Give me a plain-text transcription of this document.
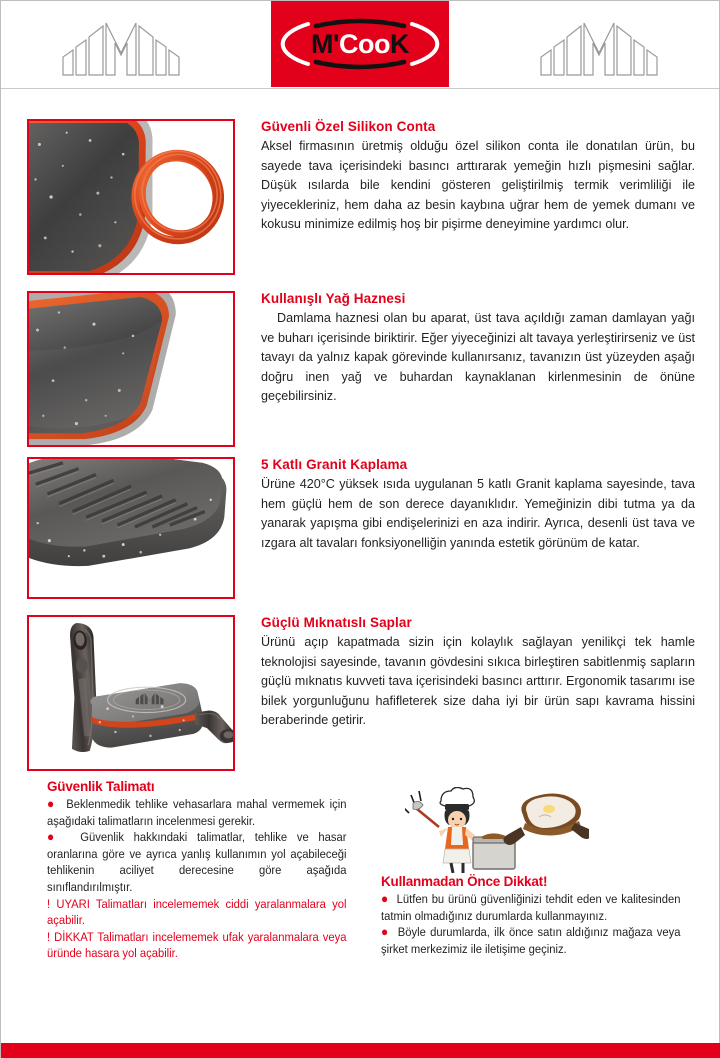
M' Coo K
Güvenli Özel Silikon Conta
Aksel firmasının üretmiş olduğu özel silikon conta ile donatılan ürün, bu sayede tava içerisindeki basıncı arttırarak yemeğin hızlı pişmesini sağlar. Düşük ısılarda bile kendini gösteren geliştirilmiş termik verimliliği ile yiyecekleriniz, hem daha az besin kaybına uğrar hem de yemek dumanı ve kokusu minimize edilmiş hoş bir pişirme deneyimine yardımcı olur.
Kullanışlı Yağ Haznesi
Damlama haznesi olan bu aparat, üst tava açıldığı zaman damlayan yağı ve buharı içerisinde biriktirir. Eğer yiyeceğinizi alt tavaya yerleştirirseniz ve üst tavayı da yalnız kapak görevinde kullanırsanız, tavanızın üst yüzeyden aşağı doğru inen yağ ve buhardan kaynaklanan kirlenmesinin de önüne geçebilirsiniz.
5 Katlı Granit Kaplama
Ürüne 420°C yüksek ısıda uygulanan 5 katlı Granit kaplama sayesinde, tava hem güçlü hem de son derece dayanıklıdır. Yemeğinizin dibi tutma ya da yanarak yapışma gibi endişelerinizi en aza indirir. Ayrıca, desenli üst tava ve ızgara alt tavaları fonksiyonelliğin yanında estetik görünüm de katar.
Güçlü Mıknatıslı Saplar
Ürünü açıp kapatmada sizin için kolaylık sağlayan yenilikçi tek hamle teknolojisi sayesinde, tavanın gövdesini sıkıca birleştiren sabitlenmiş sapların güçlü mıknatıs kuvveti tava içerisindeki basıncı arttırır. Ergonomik tasarımı ise bilek yorgunluğunu hafifleterek size daha iyi bir ürün sapı kavrama hissini beraberinde getirir.
Güvenlik Talimatı

● Beklenmedik tehlike vehasarlara mahal vermemek için aşağıdaki talimatların incelenmesi gerekir.

● Güvenlik hakkındaki talimatlar, tehlike ve hasar oranlarına göre ve ayrıca yanlış kullanımın yol açabileceği tehlikenin aciliyet derecesine göre aşağıda sınıflandırılmıştır.

! UYARI Talimatları incelememek ciddi yaralanmalara yol açabilir.

! DİKKAT Talimatları incelememek ufak yaralanmalara veya üründe hasara yol açabilir.

Kullanmadan Önce Dikkat!

● Lütfen bu ürünü güvenliğinizi tehdit eden ve kalitesinden tatmin olmadığınız durumlarda kullanmayınız.

● Böyle durumlarda, ilk önce satın aldığınız mağaza veya şirket merkezimiz ile iletişime geçiniz.
